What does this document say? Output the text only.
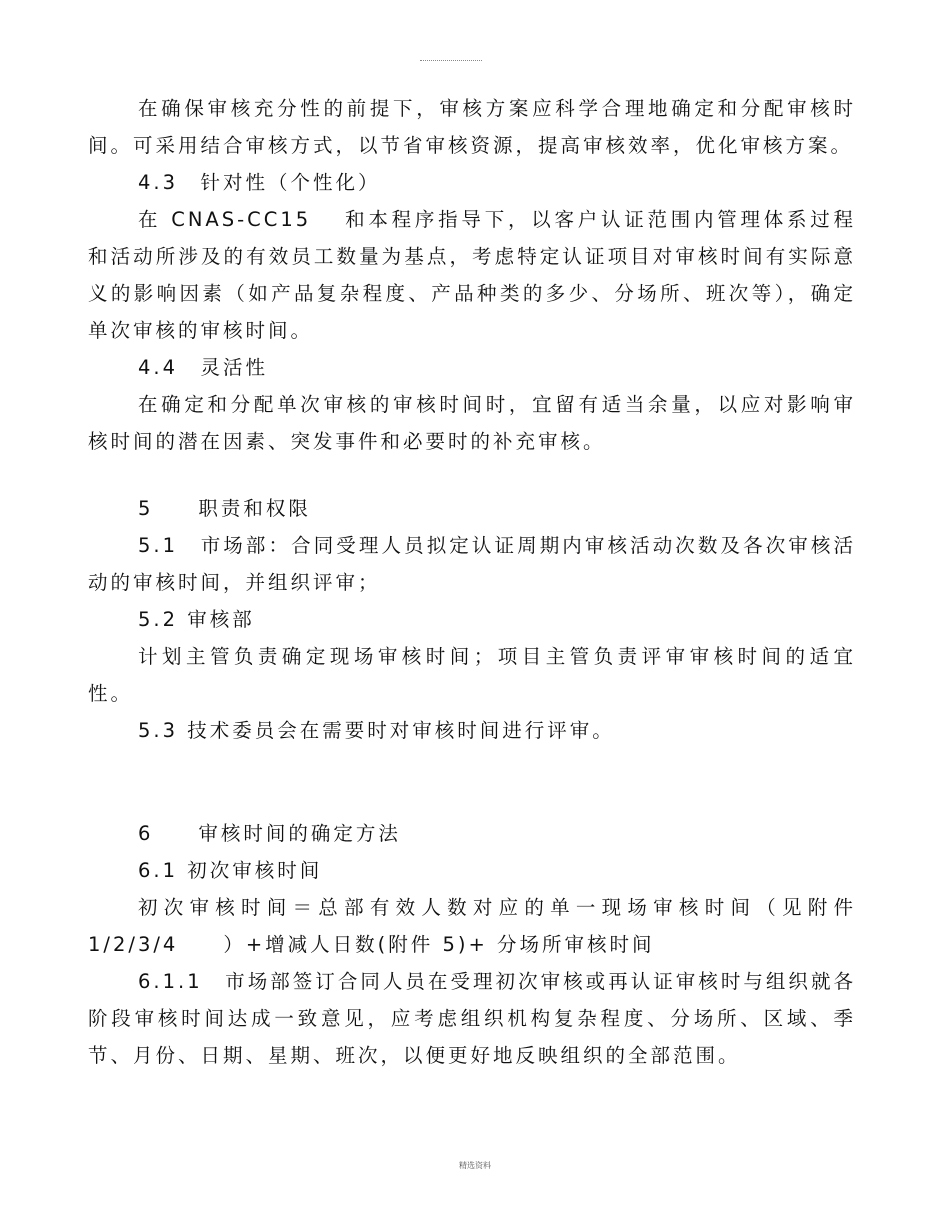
在确保审核充分性的前提下，审核方案应科学合理地确定和分配审核时间。可采用结合审核方式，以节省审核资源，提高审核效率，优化审核方案。

4.3　针对性（个性化）

在 CNAS-CC15　 和本程序指导下，以客户认证范围内管理体系过程和活动所涉及的有效员工数量为基点，考虑特定认证项目对审核时间有实际意义的影响因素（如产品复杂程度、产品种类的多少、分场所、班次等），确定单次审核的审核时间。

4.4　灵活性

在确定和分配单次审核的审核时间时，宜留有适当余量，以应对影响审核时间的潜在因素、突发事件和必要时的补充审核。

5　　职责和权限

5.1　市场部：合同受理人员拟定认证周期内审核活动次数及各次审核活动的审核时间，并组织评审；

5.2 审核部

计划主管负责确定现场审核时间；项目主管负责评审审核时间的适宜性。

5.3 技术委员会在需要时对审核时间进行评审。

6　　审核时间的确定方法

6.1 初次审核时间

初次审核时间＝总部有效人数对应的单一现场审核时间（见附件 1/2/3/4　　）+增减人日数(附件 5)+ 分场所审核时间

6.1.1　市场部签订合同人员在受理初次审核或再认证审核时与组织就各阶段审核时间达成一致意见，应考虑组织机构复杂程度、分场所、区域、季节、月份、日期、星期、班次，以便更好地反映组织的全部范围。

精选资料
